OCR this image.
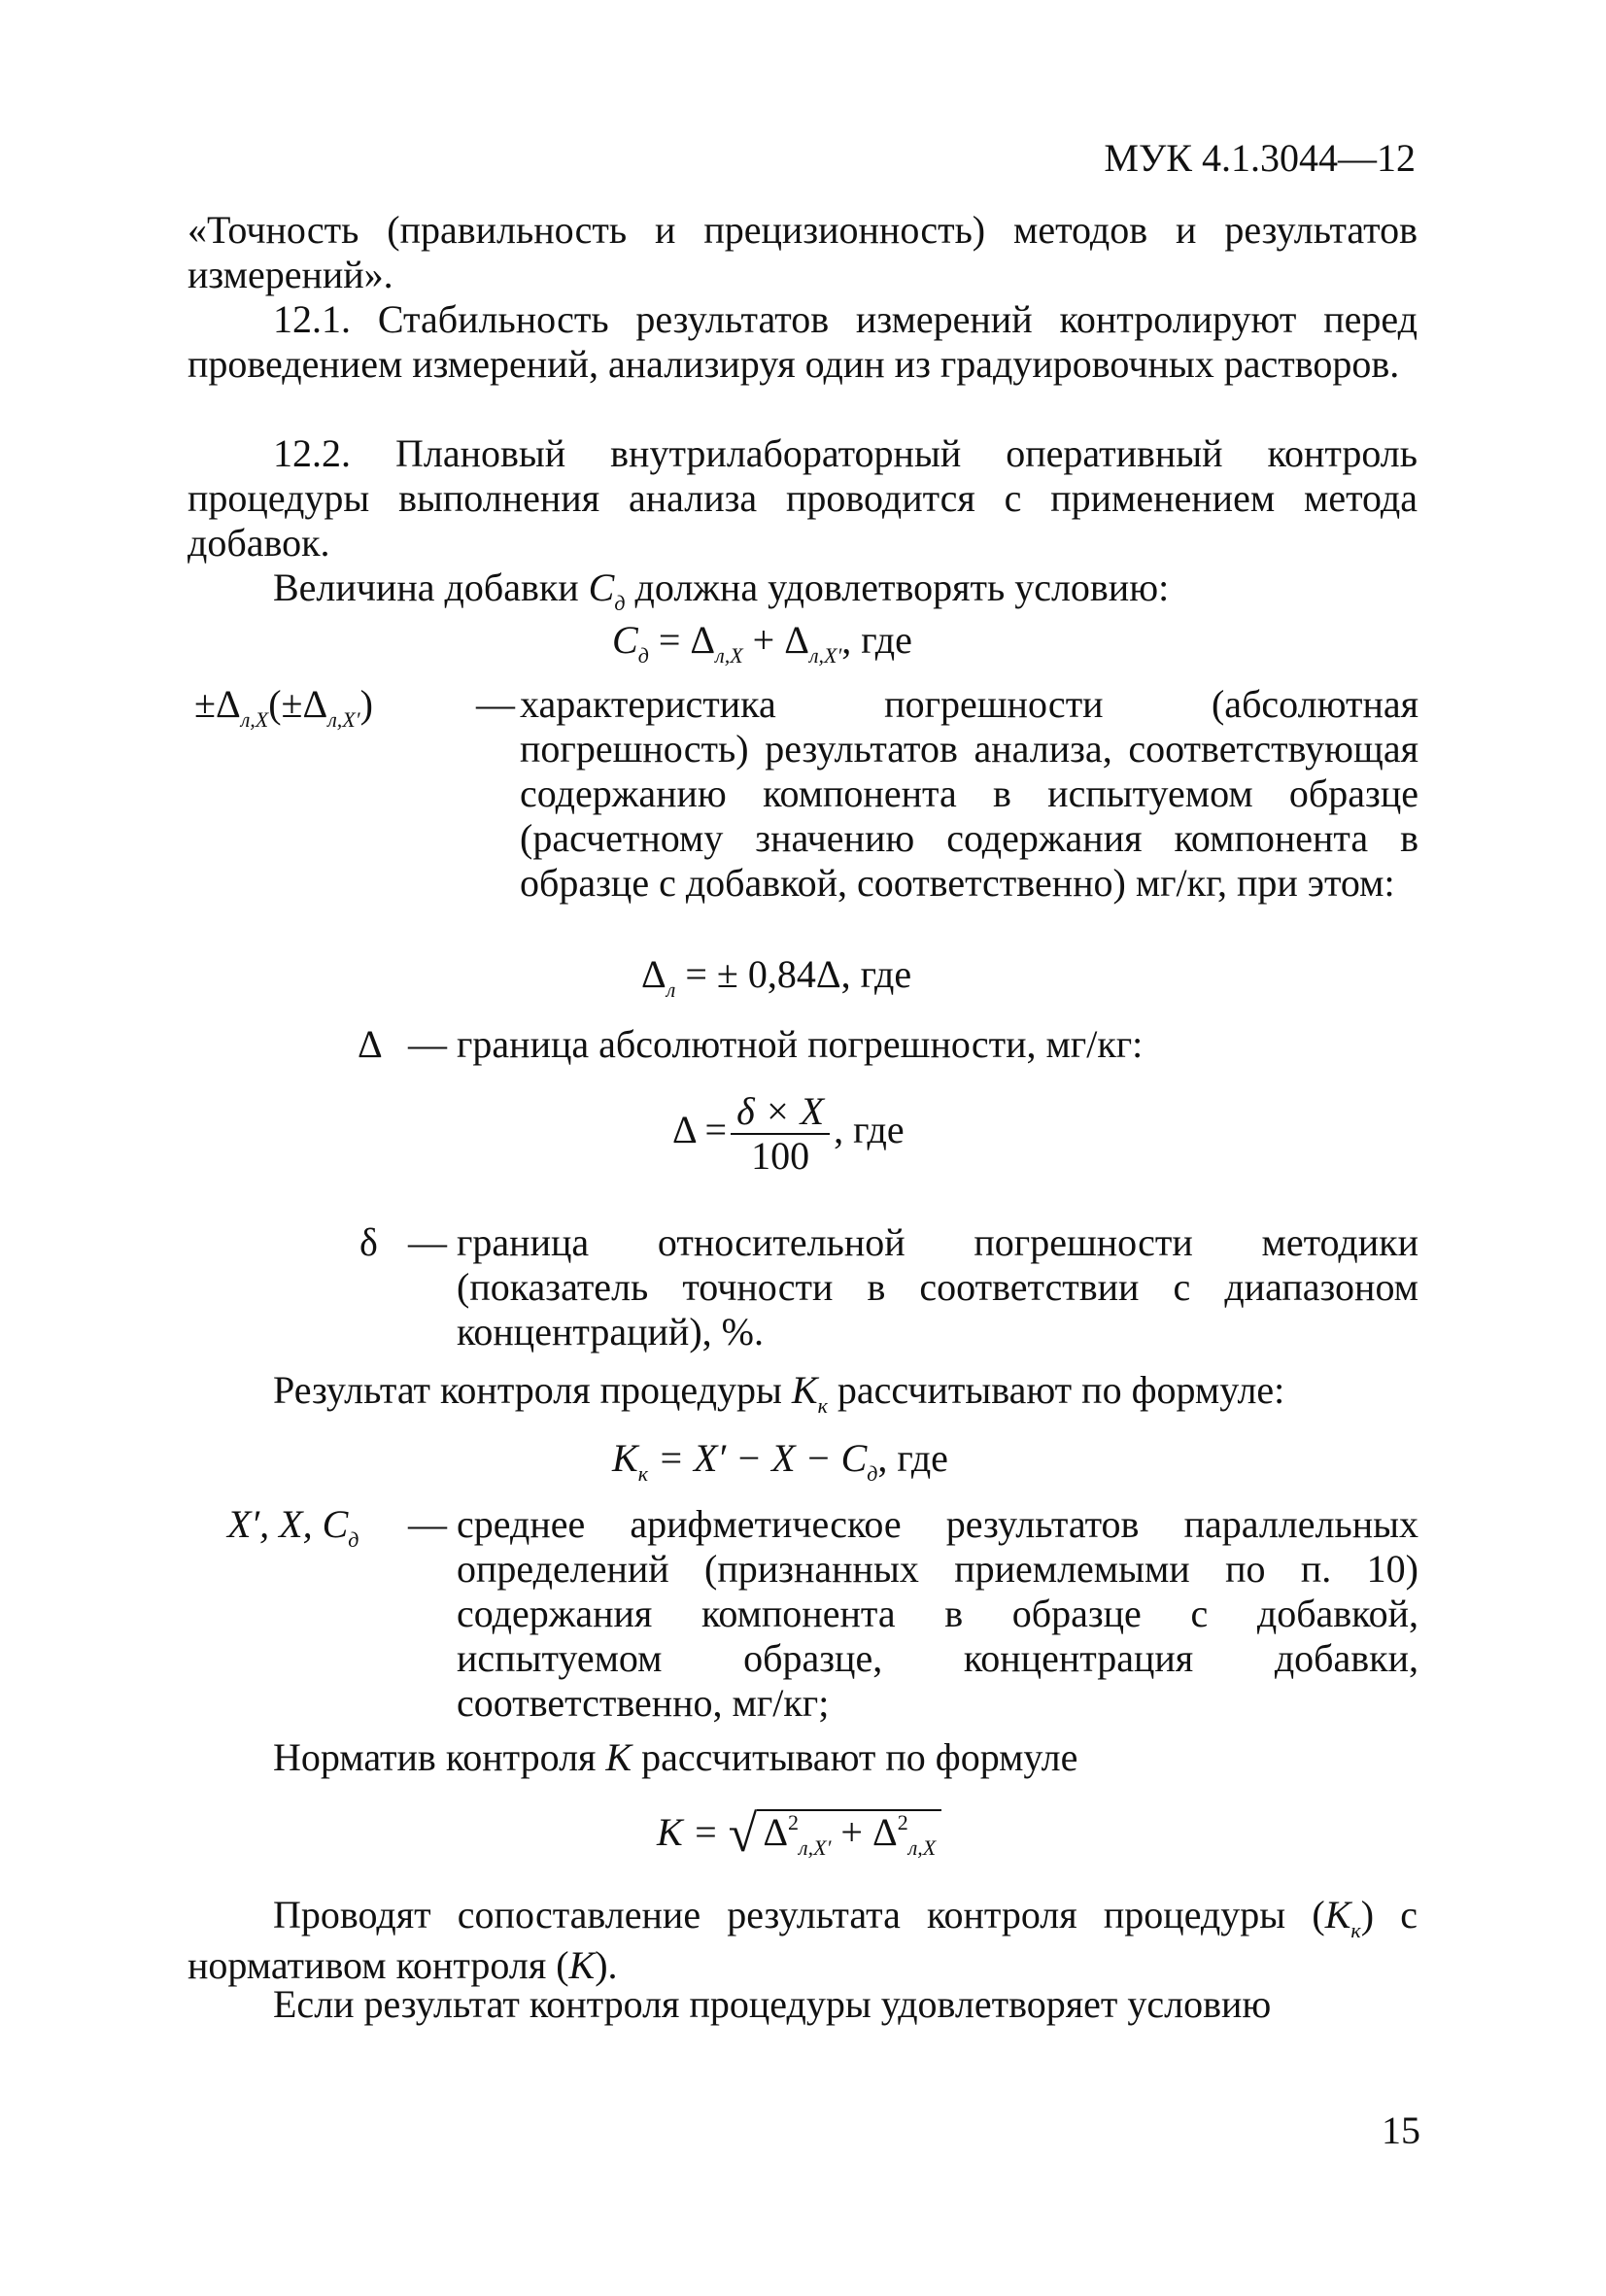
МУК 4.1.3044—12
«Точность (правильность и прецизионность) методов и результатов измерений».
12.1. Стабильность результатов измерений контролируют перед проведением измерений, анализируя один из градуировочных растворов.
12.2. Плановый внутрилабораторный оперативный контроль процедуры выполнения анализа проводится с применением метода добавок.
Величина добавки $C_д$ должна удовлетворять условию:
$C_д = \Delta_{л,X} + \Delta_{л,X'}$, где
$\pm\Delta_{л,X}(\pm\Delta_{л,X'})$	— характеристика погрешности (абсолютная погрешность) результатов анализа, соответствующая содержанию компонента в испытуемом образце (расчетному значению содержания компонента в образце с добавкой, соответственно) мг/кг, при этом:
$\Delta_л$ = ± 0,84Δ, где
Δ — граница абсолютной погрешности, мг/кг:
$\Delta = \frac{\delta \times X}{100}$ , где
δ — граница относительной погрешности методики (показатель точности в соответствии с диапазоном концентраций), %.
Результат контроля процедуры $K_к$ рассчитывают по формуле:
$K_к = X' - X - C_д$, где
X′, X, $C_д$ — среднее арифметическое результатов параллельных определений (признанных приемлемыми по п. 10) содержания компонента в образце с добавкой, испытуемом образце, концентрация добавки, соответственно, мг/кг;
Норматив контроля K рассчитывают по формуле
K = √ $\Delta^2_{л,X'} + \Delta^2_{л,X}$
Проводят сопоставление результата контроля процедуры $(K_к)$ с нормативом контроля (K).
Если результат контроля процедуры удовлетворяет условию
15
